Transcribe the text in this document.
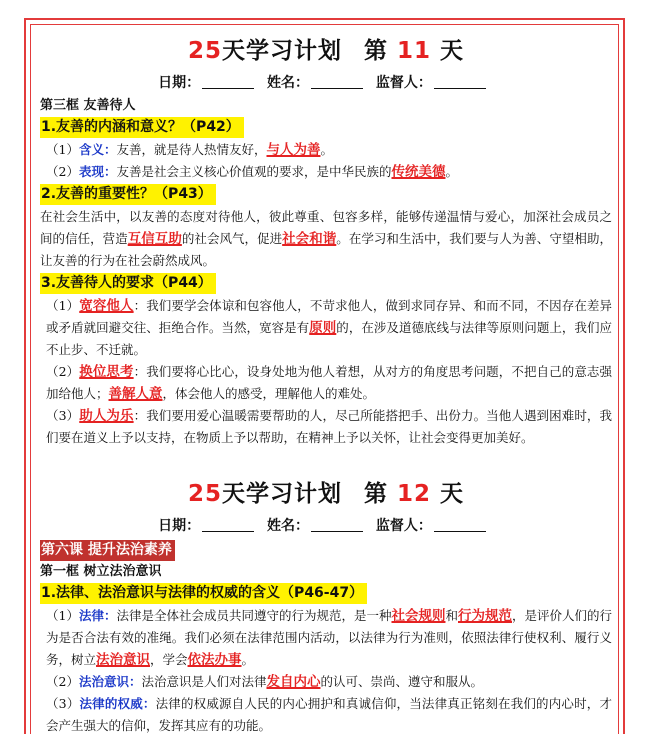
25天学习计划 第 11 天
日期：	姓名：	监督人：
第三框 友善待人
1.友善的内涵和意义？（P42）

（1）含义：友善，就是待人热情友好，与人为善。

（2）表现：友善是社会主义核心价值观的要求，是中华民族的传统美德。

2.友善的重要性？（P43）

在社会生活中，以友善的态度对待他人，彼此尊重、包容多样，能够传递温情与爱心，加深社会成员之间的信任，营造互信互助的社会风气，促进社会和谐。在学习和生活中，我们要与人为善、守望相助，让友善的行为在社会蔚然成风。

3.友善待人的要求（P44）

（1）宽容他人：我们要学会体谅和包容他人，不苛求他人，做到求同存异、和而不同，不因存在差异或矛盾就回避交往、拒绝合作。当然，宽容是有原则的，在涉及道德底线与法律等原则问题上，我们应不止步、不迁就。

（2）换位思考：我们要将心比心，设身处地为他人着想，从对方的角度思考问题，不把自己的意志强加给他人；善解人意，体会他人的感受，理解他人的难处。

（3）助人为乐：我们要用爱心温暖需要帮助的人，尽己所能搭把手、出份力。当他人遇到困难时，我们要在道义上予以支持，在物质上予以帮助，在精神上予以关怀，让社会变得更加美好。

25天学习计划 第 12 天
日期：	姓名：	监督人：
第六课 提升法治素养
第一框 树立法治意识
1.法律、法治意识与法律的权威的含义（P46-47）

（1）法律：法律是全体社会成员共同遵守的行为规范，是一种社会规则和行为规范，是评价人们的行为是否合法有效的准绳。我们必须在法律范围内活动，以法律为行为准则，依照法律行使权利、履行义务，树立法治意识，学会依法办事。

（2）法治意识：法治意识是人们对法律发自内心的认可、崇尚、遵守和服从。

（3）法律的权威：法律的权威源自人民的内心拥护和真诚信仰，当法律真正铭刻在我们的内心时，才会产生强大的信仰，发挥其应有的功能。
